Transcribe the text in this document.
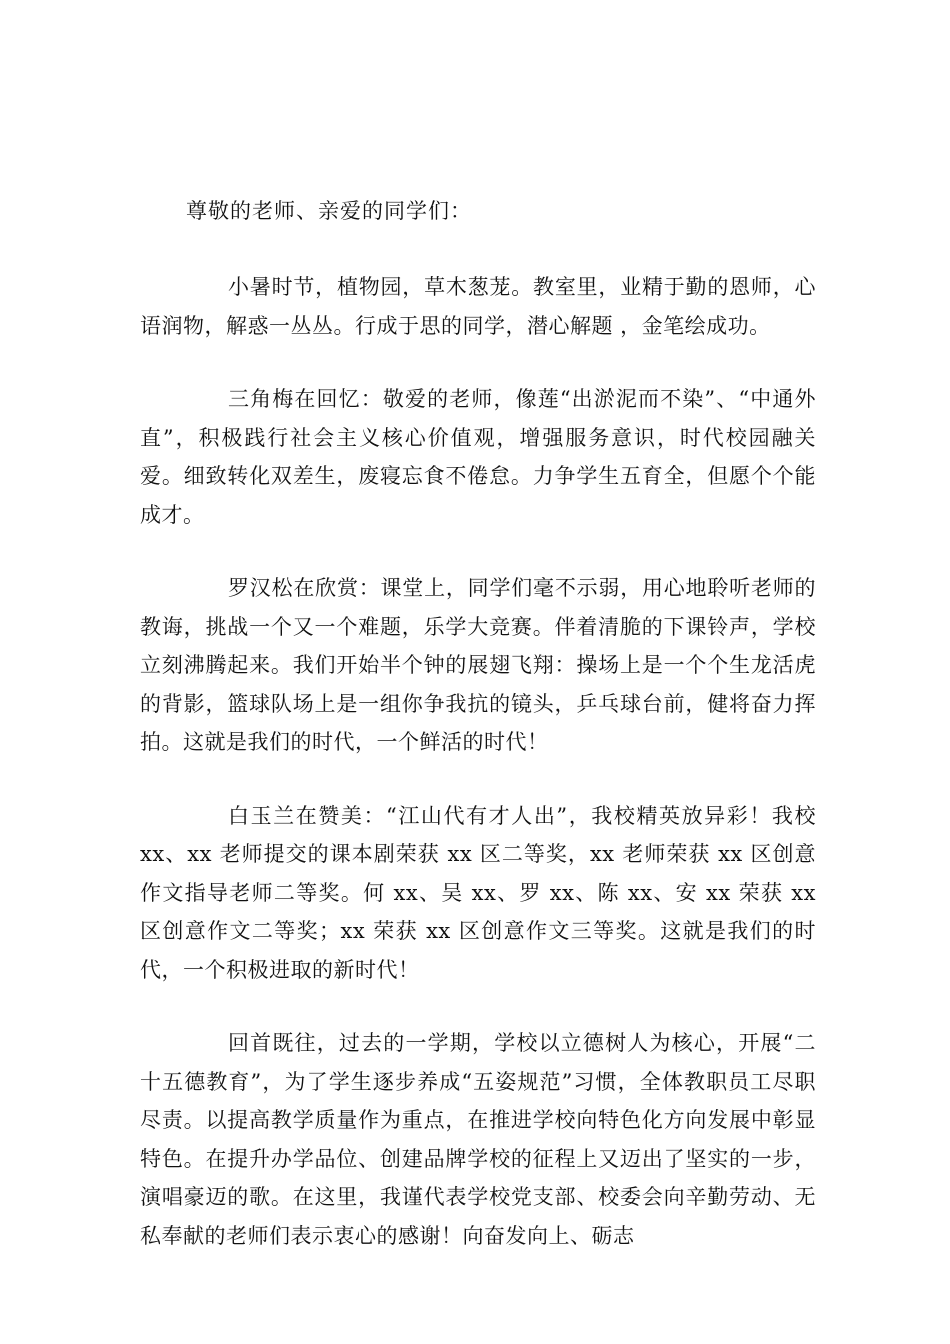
尊敬的老师、亲爱的同学们：

小暑时节，植物园，草木葱茏。教室里，业精于勤的恩师，心语润物，解惑一丛丛。行成于思的同学，潜心解题 ，金笔绘成功。

三角梅在回忆：敬爱的老师，像莲“出淤泥而不染”、“中通外直”，积极践行社会主义核心价值观，增强服务意识，时代校园融关爱。细致转化双差生，废寝忘食不倦怠。力争学生五育全，但愿个个能成才。

罗汉松在欣赏：课堂上，同学们毫不示弱，用心地聆听老师的教诲，挑战一个又一个难题，乐学大竞赛。伴着清脆的下课铃声，学校立刻沸腾起来。我们开始半个钟的展翅飞翔：操场上是一个个生龙活虎的背影，篮球队场上是一组你争我抗的镜头，乒乓球台前，健将奋力挥拍。这就是我们的时代，一个鲜活的时代！

白玉兰在赞美：“江山代有才人出”，我校精英放异彩！我校 xx、xx 老师提交的课本剧荣获 xx 区二等奖，xx 老师荣获 xx 区创意作文指导老师二等奖。何 xx、吴 xx、罗 xx、陈 xx、安 xx 荣获 xx 区创意作文二等奖；xx 荣获 xx 区创意作文三等奖。这就是我们的时代，一个积极进取的新时代！

回首既往，过去的一学期，学校以立德树人为核心，开展“二十五德教育”，为了学生逐步养成“五姿规范”习惯，全体教职员工尽职尽责。以提高教学质量作为重点，在推进学校向特色化方向发展中彰显特色。在提升办学品位、创建品牌学校的征程上又迈出了坚实的一步，演唱豪迈的歌。在这里，我谨代表学校党支部、校委会向辛勤劳动、无私奉献的老师们表示衷心的感谢！向奋发向上、砺志
